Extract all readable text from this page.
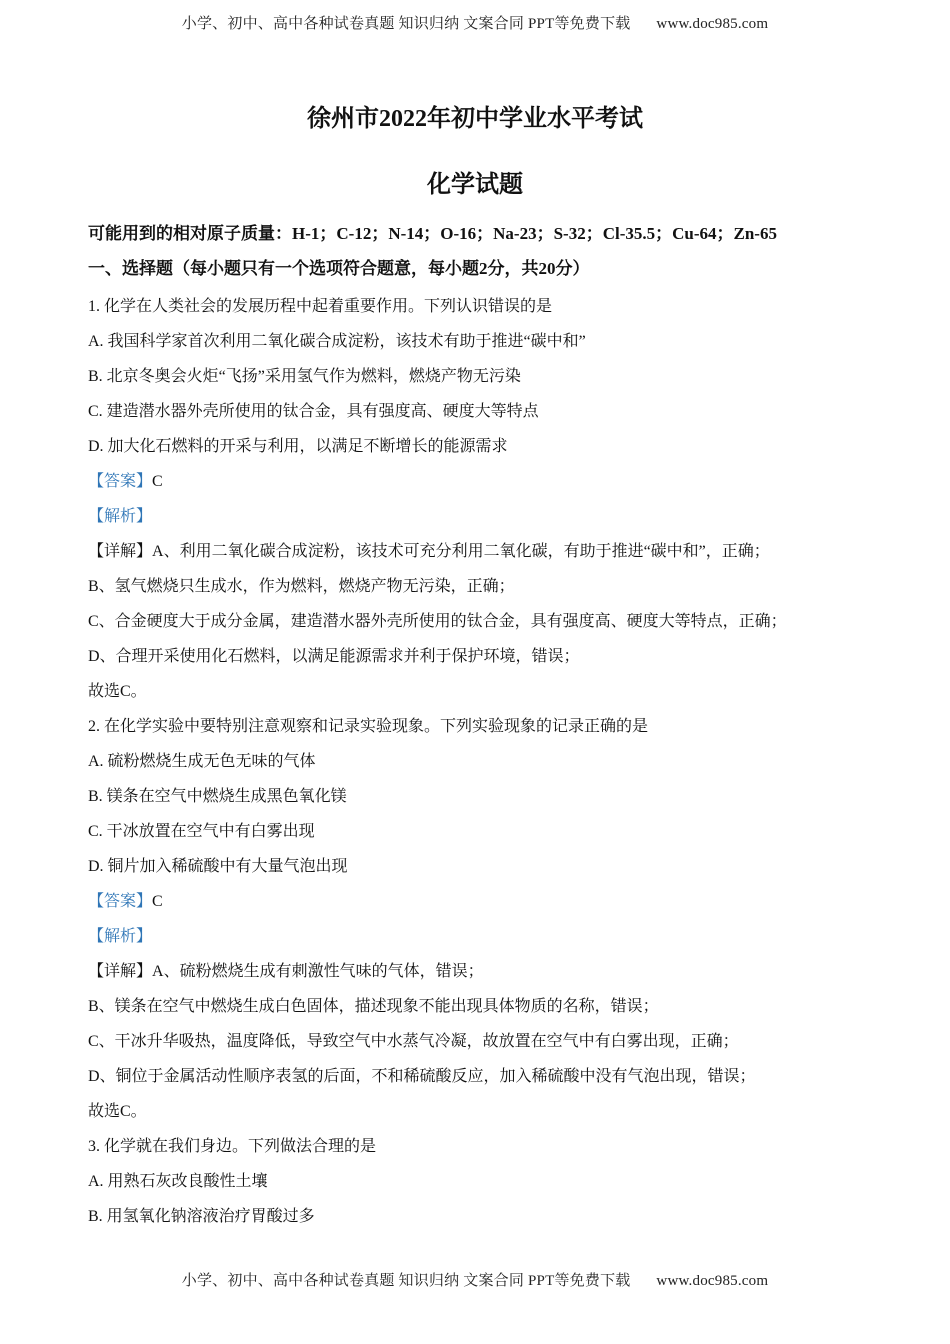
小学、初中、高中各种试卷真题 知识归纳 文案合同 PPT等免费下载 www.doc985.com
徐州市2022年初中学业水平考试
化学试题
可能用到的相对原子质量：H-1；C-12；N-14；O-16；Na-23；S-32；Cl-35.5；Cu-64；Zn-65
一、选择题（每小题只有一个选项符合题意，每小题2分，共20分）
1. 化学在人类社会的发展历程中起着重要作用。下列认识错误的是
A. 我国科学家首次利用二氧化碳合成淀粉，该技术有助于推进“碳中和”
B. 北京冬奥会火炬“飞扬”采用氢气作为燃料，燃烧产物无污染
C. 建造潜水器外壳所使用的钛合金，具有强度高、硬度大等特点
D. 加大化石燃料的开采与利用，以满足不断增长的能源需求
【答案】C
【解析】
【详解】A、利用二氧化碳合成淀粉，该技术可充分利用二氧化碳，有助于推进“碳中和”，正确；
B、氢气燃烧只生成水，作为燃料，燃烧产物无污染，正确；
C、合金硬度大于成分金属，建造潜水器外壳所使用的钛合金，具有强度高、硬度大等特点，正确；
D、合理开采使用化石燃料，以满足能源需求并利于保护环境，错误；
故选C。
2. 在化学实验中要特别注意观察和记录实验现象。下列实验现象的记录正确的是
A. 硫粉燃烧生成无色无味的气体
B. 镁条在空气中燃烧生成黑色氧化镁
C. 干冰放置在空气中有白雾出现
D. 铜片加入稀硫酸中有大量气泡出现
【答案】C
【解析】
【详解】A、硫粉燃烧生成有刺激性气味的气体，错误；
B、镁条在空气中燃烧生成白色固体，描述现象不能出现具体物质的名称，错误；
C、干冰升华吸热，温度降低，导致空气中水蒸气冷凝，故放置在空气中有白雾出现，正确；
D、铜位于金属活动性顺序表氢的后面，不和稀硫酸反应，加入稀硫酸中没有气泡出现，错误；
故选C。
3. 化学就在我们身边。下列做法合理的是
A. 用熟石灰改良酸性土壤
B. 用氢氧化钠溶液治疗胃酸过多
小学、初中、高中各种试卷真题 知识归纳 文案合同 PPT等免费下载 www.doc985.com
